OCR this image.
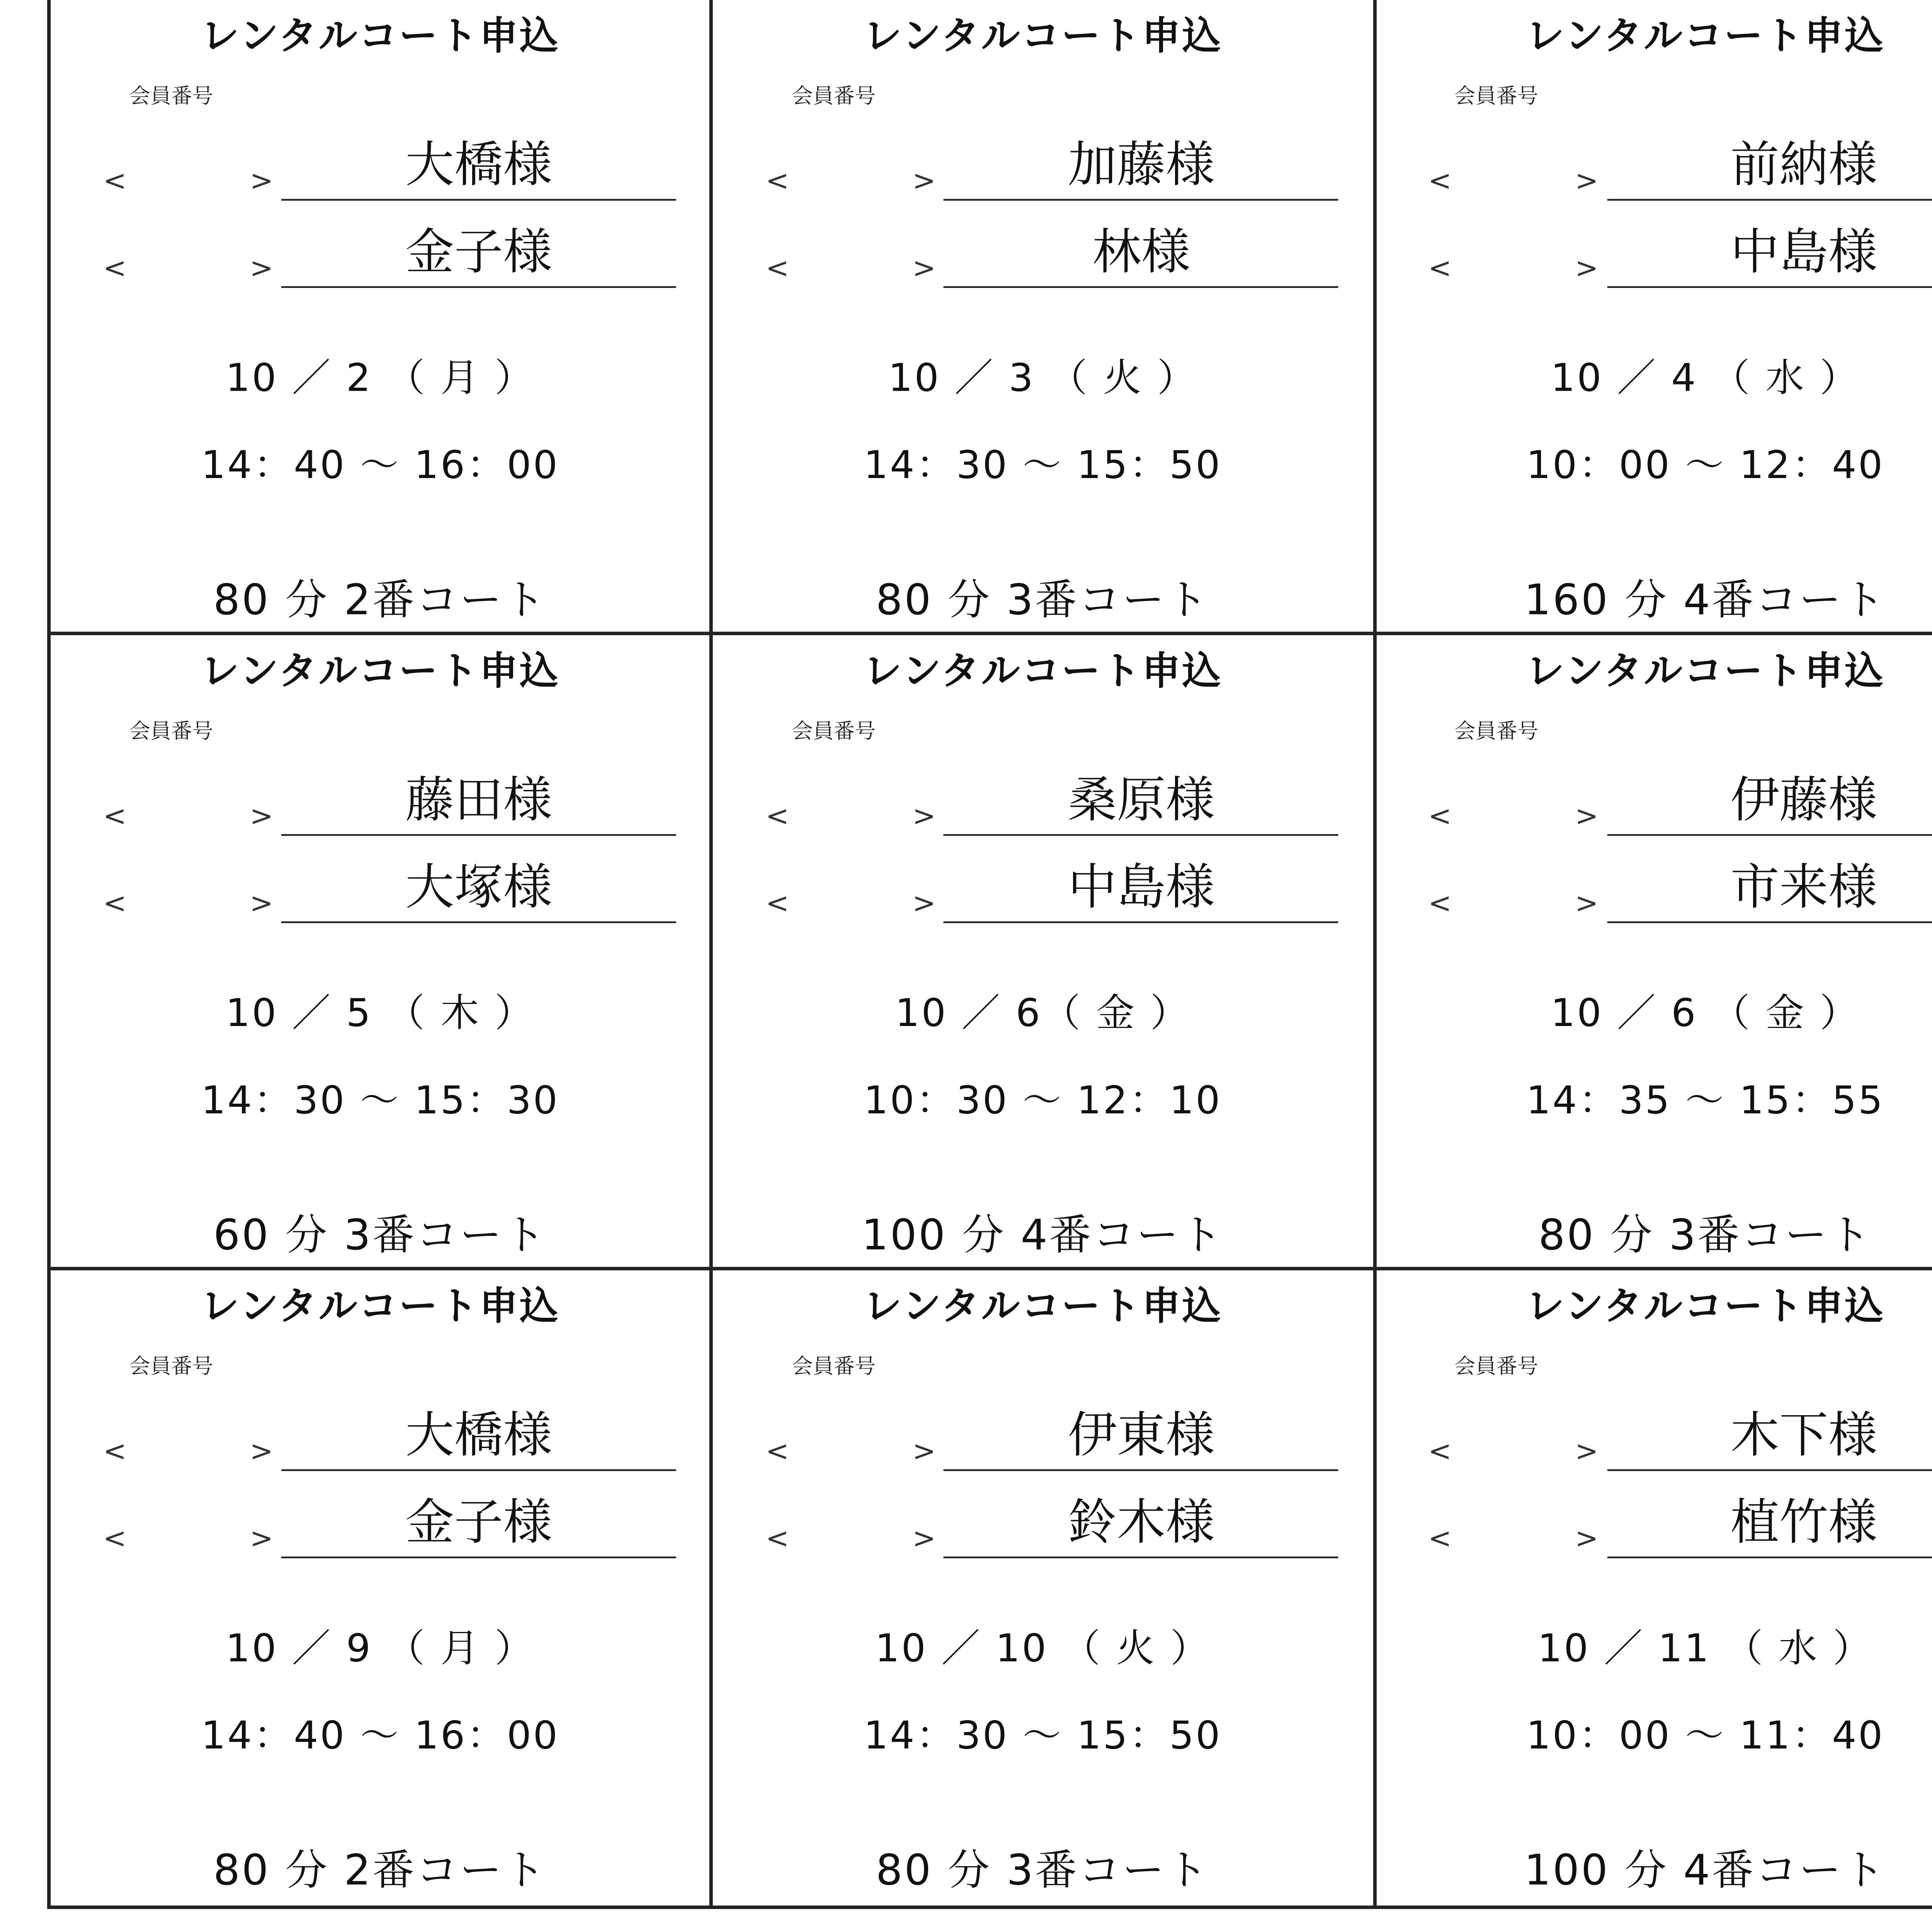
レンタルコート申込
会員番号
<	>
<	>
大橋様
金子様
10 ／ 2 （ 月 ）
14：40 ～ 16：00
80 分 2番コート
レンタルコート申込
会員番号
<	>
<	>
加藤様
林様
10 ／ 3 （ 火 ）
14：30 ～ 15：50
80 分 3番コート
レンタルコート申込
会員番号
<	>
<	>
前納様
中島様
10 ／ 4 （ 水 ）
10：00 ～ 12：40
160 分 4番コート
レンタルコート申込
会員番号
<	>
<	>
藤田様
大塚様
10 ／ 5 （ 木 ）
14：30 ～ 15：30
60 分 3番コート
レンタルコート申込
会員番号
<	>
<	>
桑原様
中島様
10 ／ 6（ 金 ）
10：30 ～ 12：10
100 分 4番コート
レンタルコート申込
会員番号
<	>
<	>
伊藤様
市来様
10 ／ 6 （ 金 ）
14：35 ～ 15：55
80 分 3番コート
レンタルコート申込
会員番号
<	>
<	>
大橋様
金子様
10 ／ 9 （ 月 ）
14：40 ～ 16：00
80 分 2番コート
レンタルコート申込
会員番号
<	>
<	>
伊東様
鈴木様
10 ／ 10 （ 火 ）
14：30 ～ 15：50
80 分 3番コート
レンタルコート申込
会員番号
<	>
<	>
木下様
植竹様
10 ／ 11 （ 水 ）
10：00 ～ 11：40
100 分 4番コート
